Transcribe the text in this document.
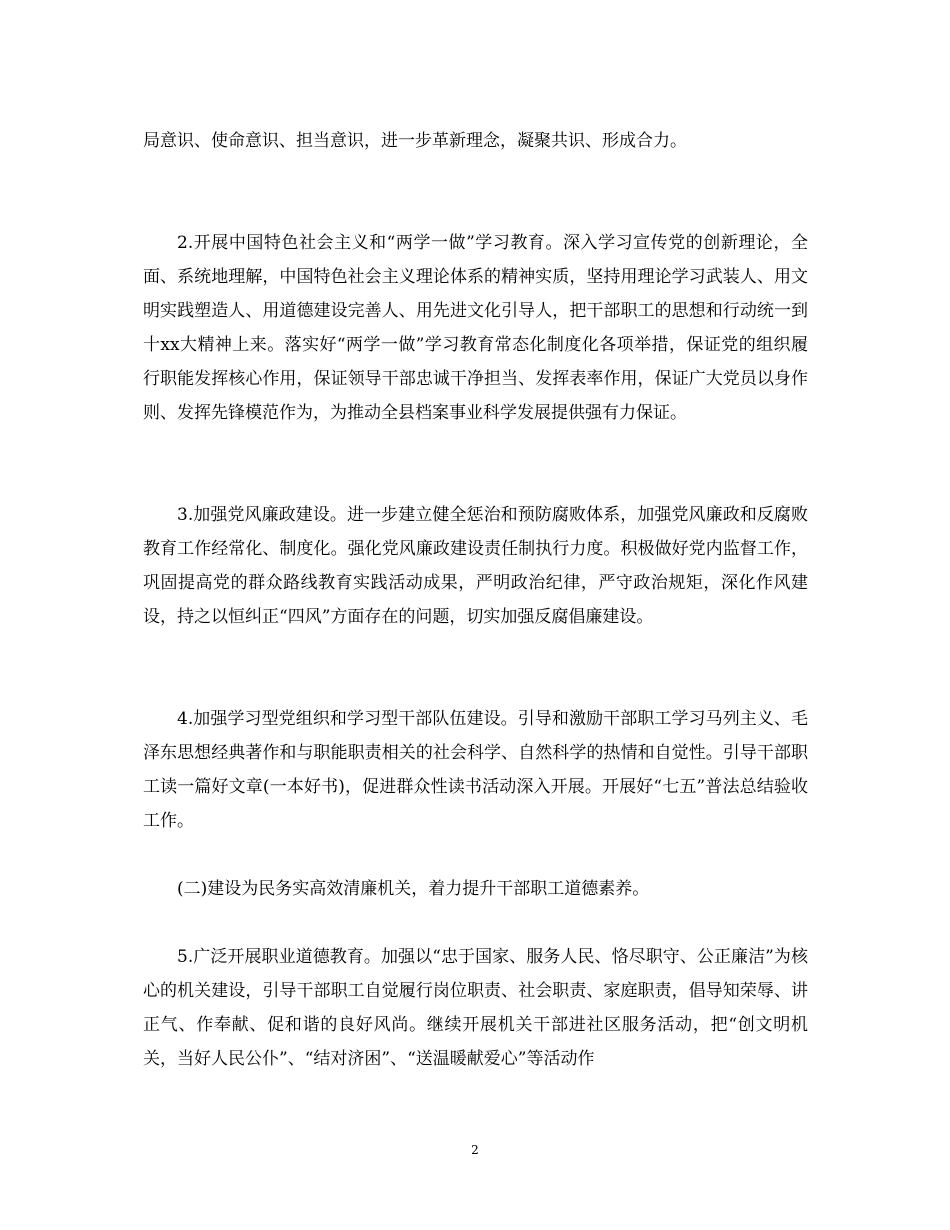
局意识、使命意识、担当意识，进一步革新理念，凝聚共识、形成合力。

2.开展中国特色社会主义和“两学一做”学习教育。深入学习宣传党的创新理论，全面、系统地理解，中国特色社会主义理论体系的精神实质，坚持用理论学习武装人、用文明实践塑造人、用道德建设完善人、用先进文化引导人，把干部职工的思想和行动统一到十xx大精神上来。落实好“两学一做”学习教育常态化制度化各项举措，保证党的组织履行职能发挥核心作用，保证领导干部忠诚干净担当、发挥表率作用，保证广大党员以身作则、发挥先锋模范作为，为推动全县档案事业科学发展提供强有力保证。

3.加强党风廉政建设。进一步建立健全惩治和预防腐败体系，加强党风廉政和反腐败教育工作经常化、制度化。强化党风廉政建设责任制执行力度。积极做好党内监督工作，巩固提高党的群众路线教育实践活动成果，严明政治纪律，严守政治规矩，深化作风建设，持之以恒纠正“四风”方面存在的问题，切实加强反腐倡廉建设。

4.加强学习型党组织和学习型干部队伍建设。引导和激励干部职工学习马列主义、毛泽东思想经典著作和与职能职责相关的社会科学、自然科学的热情和自觉性。引导干部职工读一篇好文章(一本好书)，促进群众性读书活动深入开展。开展好“七五”普法总结验收工作。

(二)建设为民务实高效清廉机关，着力提升干部职工道德素养。

5.广泛开展职业道德教育。加强以“忠于国家、服务人民、恪尽职守、公正廉洁”为核心的机关建设，引导干部职工自觉履行岗位职责、社会职责、家庭职责，倡导知荣辱、讲正气、作奉献、促和谐的良好风尚。继续开展机关干部进社区服务活动，把“创文明机关，当好人民公仆”、“结对济困”、“送温暖献爱心”等活动作

2
